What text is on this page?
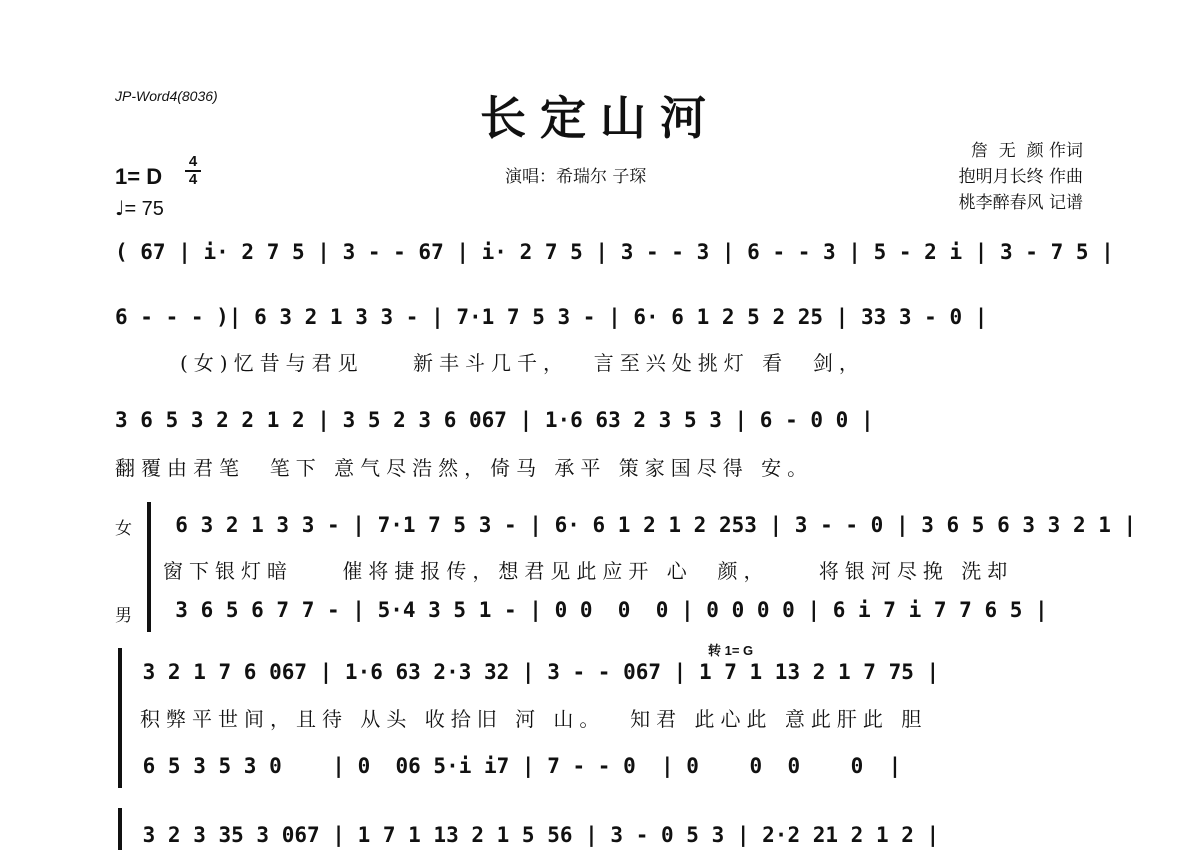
JP-Word4(8036)	长定山河
演唱：希瑞尔 子琛
詹  无  颜 作词
抱明月长终 作曲
桃李醉春风 记谱
1= D
4
4
♩= 75
( 67 | i· 2 7 5 | 3 - - 67 | i· 2 7 5 | 3 - - 3 | 6 - - 3 | 5 - 2 i | 3 - 7 5 |
6 - - - )| 6 3 2 1 3 3 - | 7·1 7 5 3 - | 6· 6 1 2 5 2 25 | 33 3 - 0 |
(女)忆昔与君见    新丰斗几千，  言至兴处挑灯 看  剑，
3 6 5 3 2 2 1 2 | 3 5 2 3 6 067 | 1·6 63 2 3 5 3 | 6 - 0 0 |
翻覆由君笔  笔下 意气尽浩然，倚马 承平 策家国尽得 安。
女
男
6 3 2 1 3 3 - | 7·1 7 5 3 - | 6· 6 1 2 1 2 253 | 3 - - 0 | 3 6 5 6 3 3 2 1 |
窗下银灯暗    催将捷报传，想君见此应开 心  颜，    将银河尽挽 洗却
3 6 5 6 7 7 - | 5·4 3 5 1 - | 0 0  0  0 | 0 0 0 0 | 6 i 7 i 7 7 6 5 |
转 1= G
3 2 1 7 6 067 | 1·6 63 2·3 32 | 3 - - 067 | 1 7 1 13 2 1 7 75 |
积弊平世间，且待 从头 收拾旧 河 山。  知君 此心此 意此肝此 胆
6 5 3 5 3 0    | 0  06 5·i i7 | 7 - - 0  | 0    0  0    0  |
3 2 3 35 3 067 | 1 7 1 13 2 1 5 56 | 3 - 0 5 3 | 2·2 21 2 1 2 |
